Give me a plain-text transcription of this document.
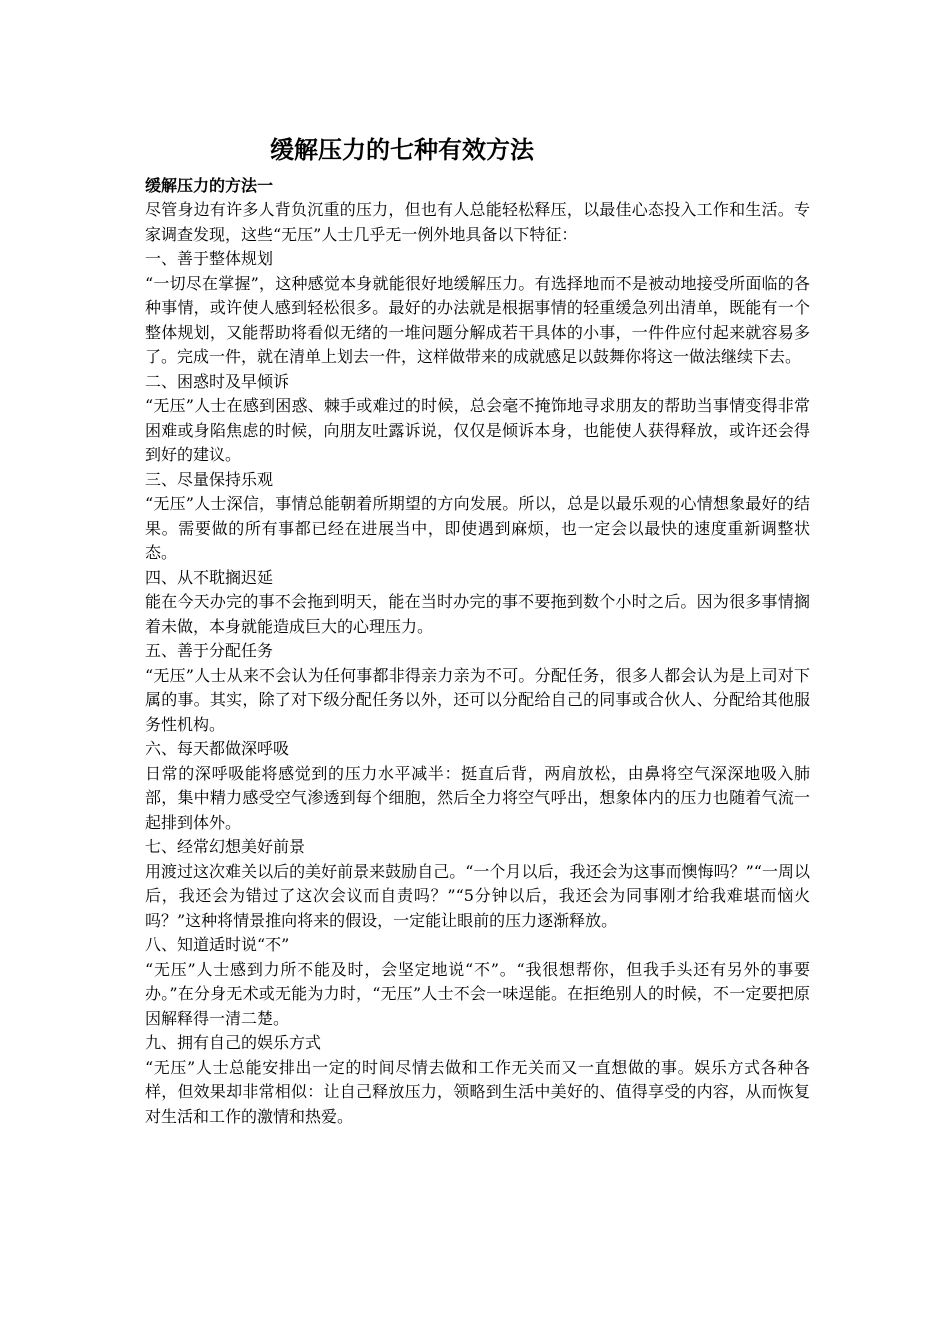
缓解压力的七种有效方法
缓解压力的方法一

尽管身边有许多人背负沉重的压力，但也有人总能轻松释压，以最佳心态投入工作和生活。专家调查发现，这些“无压”人士几乎无一例外地具备以下特征：

一、善于整体规划

“一切尽在掌握”，这种感觉本身就能很好地缓解压力。有选择地而不是被动地接受所面临的各种事情，或许使人感到轻松很多。最好的办法就是根据事情的轻重缓急列出清单，既能有一个整体规划，又能帮助将看似无绪的一堆问题分解成若干具体的小事，一件件应付起来就容易多了。完成一件，就在清单上划去一件，这样做带来的成就感足以鼓舞你将这一做法继续下去。

二、困惑时及早倾诉

“无压”人士在感到困惑、棘手或难过的时候，总会毫不掩饰地寻求朋友的帮助当事情变得非常困难或身陷焦虑的时候，向朋友吐露诉说，仅仅是倾诉本身，也能使人获得释放，或许还会得到好的建议。

三、尽量保持乐观

“无压”人士深信，事情总能朝着所期望的方向发展。所以，总是以最乐观的心情想象最好的结果。需要做的所有事都已经在进展当中，即使遇到麻烦，也一定会以最快的速度重新调整状态。

四、从不耽搁迟延

能在今天办完的事不会拖到明天，能在当时办完的事不要拖到数个小时之后。因为很多事情搁着未做，本身就能造成巨大的心理压力。

五、善于分配任务

“无压”人士从来不会认为任何事都非得亲力亲为不可。分配任务，很多人都会认为是上司对下属的事。其实，除了对下级分配任务以外，还可以分配给自己的同事或合伙人、分配给其他服务性机构。

六、每天都做深呼吸

日常的深呼吸能将感觉到的压力水平减半：挺直后背，两肩放松，由鼻将空气深深地吸入肺部，集中精力感受空气渗透到每个细胞，然后全力将空气呼出，想象体内的压力也随着气流一起排到体外。

七、经常幻想美好前景

用渡过这次难关以后的美好前景来鼓励自己。“一个月以后，我还会为这事而懊悔吗？”“一周以后，我还会为错过了这次会议而自责吗？”“5分钟以后，我还会为同事刚才给我难堪而恼火吗？”这种将情景推向将来的假设，一定能让眼前的压力逐渐释放。

八、知道适时说“不”

“无压”人士感到力所不能及时，会坚定地说“不”。“我很想帮你，但我手头还有另外的事要办。”在分身无术或无能为力时，“无压”人士不会一味逞能。在拒绝别人的时候，不一定要把原因解释得一清二楚。

九、拥有自己的娱乐方式

“无压”人士总能安排出一定的时间尽情去做和工作无关而又一直想做的事。娱乐方式各种各样，但效果却非常相似：让自己释放压力，领略到生活中美好的、值得享受的内容，从而恢复对生活和工作的激情和热爱。
